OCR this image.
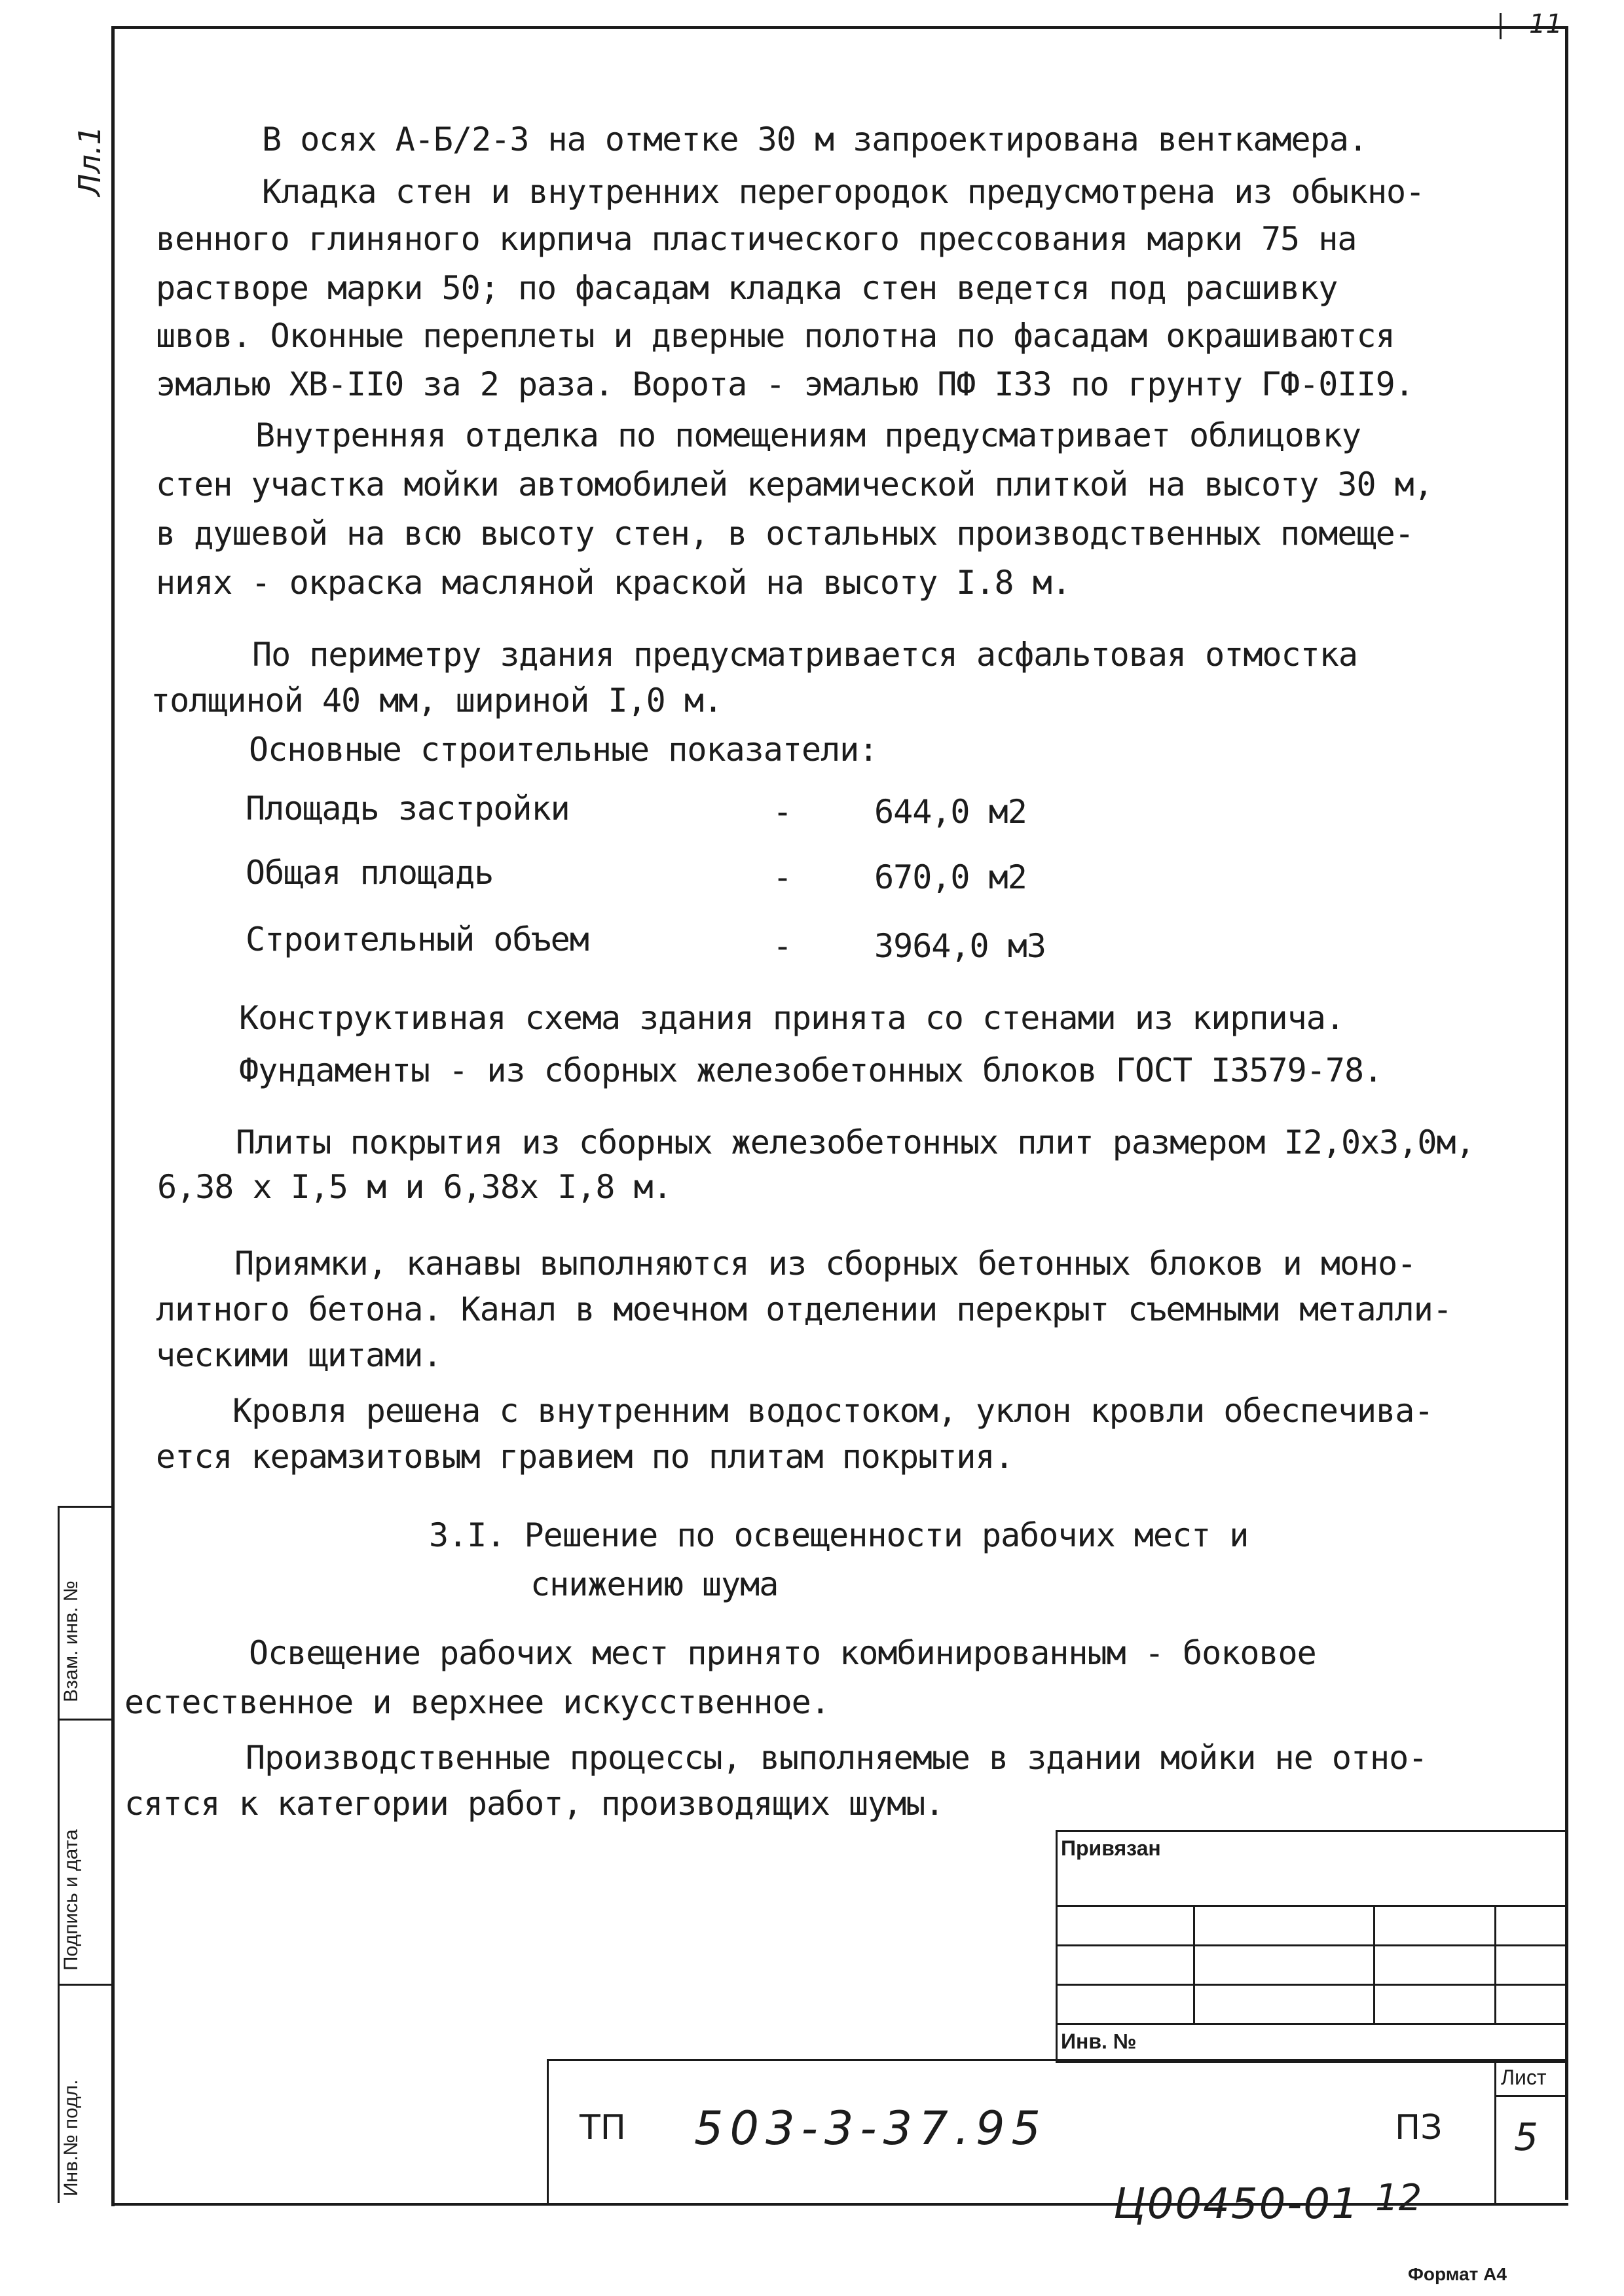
11
Лл.1
Взам. инв. №
Подпись и дата
Инв.№ подл.
В осях А-Б/2-3 на отметке 30 м запроектирована венткамера.
Кладка стен и внутренних перегородок предусмотрена из обыкно-
венного глиняного кирпича пластического прессования марки 75 на
растворе марки 50; по фасадам кладка стен ведется под расшивку
швов. Оконные переплеты и дверные полотна по фасадам окрашиваются
эмалью ХВ-II0 за 2 раза. Ворота - эмалью ПФ I33 по грунту ГФ-0II9.
Внутренняя отделка по помещениям предусматривает облицовку
стен участка мойки автомобилей керамической плиткой на высоту 30 м,
в душевой на всю высоту стен, в остальных производственных помеще-
ниях - окраска масляной краской на высоту I.8 м.
По периметру здания предусматривается асфальтовая отмостка
толщиной 40 мм, шириной I,0 м.
Основные строительные показатели:
Площадь застройки	-	644,0 м2
Общая площадь	-	670,0 м2
Строительный объем	-	3964,0 м3
Конструктивная схема здания принята со стенами из кирпича.
Фундаменты - из сборных железобетонных блоков ГОСТ I3579-78.
Плиты покрытия из сборных железобетонных плит размером I2,0х3,0м,
6,38 х I,5 м и 6,38х I,8 м.
Приямки, канавы выполняются из сборных бетонных блоков и моно-
литного бетона. Канал в моечном отделении перекрыт съемными металли-
ческими щитами.
Кровля решена с внутренним водостоком, уклон кровли обеспечива-
ется керамзитовым гравием по плитам покрытия.
3.I. Решение по освещенности рабочих мест и
снижению шума
Освещение рабочих мест принято комбинированным - боковое
естественное и верхнее искусственное.
Производственные процессы, выполняемые в здании мойки не отно-
сятся к категории работ, производящих шумы.
Привязан
Инв. №
Лист
ТП 503-3-37.95	ПЗ 5
Ц00450-01 12
Формат А4
